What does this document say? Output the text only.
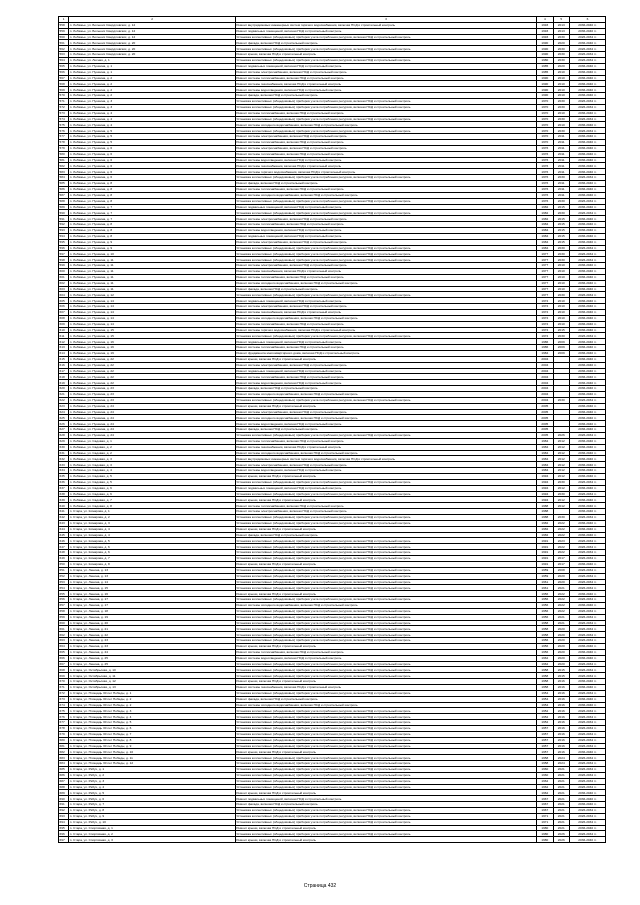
1	2	3	4	5	6
558	п. Лебяжье, ул. Больших Свердловских, д. 12	Ремонт внутридомовых инженерных систем горячего водоснабжения, включая ПСД и строительный контроль	1993	2013	2036-2040 гг.
559	п. Лебяжье, ул. Больших Свердловских, д. 12	Ремонт подвальных помещений, включая ПСД и строительный контроль	1993	2013	2036-2040 гг.
560	п. Лебяжье, ул. Больших Свердловских, д. 12	Установка коллективных (общедомовых) приборов учета потребления ресурсов, включая ПСД и строительный контроль	1993	2030	2026-2034 гг.
561	п. Лебяжье, ул. Больших Свердловских, д. 20	Ремонт фасада, включая ПСД и строительный контроль	1990	2020	2036-2040 гг.
562	п. Лебяжье, ул. Больших Свердловских, д. 20	Установка коллективных (общедомовых) приборов учета потребления ресурсов, включая ПСД и строительный контроль	1990	2030	2026-2034 гг.
563	п. Лебяжье, ул. Больших Свердловских, д. 20	Ремонт крыши, включая ПСД и строительный контроль	1990	2030	2026-2034 гг.
564	п. Лебяжье, ул. Лесная, д. 1	Установка коллективных (общедомовых) приборов учета потребления ресурсов, включая ПСД и строительный контроль	1980	2030	2026-2034 гг.
565	п. Лебяжье, ул. Пушкина, д. 1	Ремонт подвальных помещений, включая ПСД и строительный контроль	1985	2020	2036-2040 гг.
566	п. Лебяжье, ул. Пушкина, д. 1	Ремонт системы электроснабжения, включая ПСД и строительный контроль	1985	2010	2036-2040 гг.
567	п. Лебяжье, ул. Пушкина, д. 2	Ремонт системы теплоснабжения, включая ПСД и строительный контроль	1990	2010	2036-2040 гг.
568	п. Лебяжье, ул. Пушкина, д. 2	Ремонт системы газоснабжения, включая ПСД и строительный контроль	1990	2010	2036-2040 гг.
569	п. Лебяжье, ул. Пушкина, д. 2	Ремонт системы водоотведения, включая ПСД и строительный контроль	1990	2010	2036-2040 гг.
570	п. Лебяжье, ул. Пушкина, д. 2	Ремонт фасада, включая ПСД и строительный контроль	1990	2010	2036-2040 гг.
571	п. Лебяжье, ул. Пушкина, д. 3	Установка коллективных (общедомовых) приборов учета потребления ресурсов, включая ПСД и строительный контроль	1970	2030	2026-2034 гг.
572	п. Лебяжье, ул. Пушкина, д. 3	Установка коллективных (общедомовых) приборов учета потребления ресурсов, включая ПСД и строительный контроль	1970	2030	2026-2034 гг.
573	п. Лебяжье, ул. Пушкина, д. 4	Ремонт системы теплоснабжения, включая ПСД и строительный контроль	1970	2010	2036-2040 гг.
574	п. Лебяжье, ул. Пушкина, д. 4	Установка коллективных (общедомовых) приборов учета потребления ресурсов, включая ПСД и строительный контроль	1970	2030	2026-2034 гг.
575	п. Лебяжье, ул. Пушкина, д. 4	Ремонт системы холодного водоснабжения, включая ПСД и строительный контроль	1970	2010	2036-2040 гг.
576	п. Лебяжье, ул. Пушкина, д. 5	Установка коллективных (общедомовых) приборов учета потребления ресурсов, включая ПСД и строительный контроль	1970	2030	2026-2034 гг.
577	п. Лебяжье, ул. Пушкина, д. 5	Ремонт системы электроснабжения, включая ПСД и строительный контроль	1970	2011	2036-2040 гг.
578	п. Лебяжье, ул. Пушкина, д. 5	Ремонт системы теплоснабжения, включая ПСД и строительный контроль	1970	2011	2036-2040 гг.
579	п. Лебяжье, ул. Пушкина, д. 6	Ремонт системы электроснабжения, включая ПСД и строительный контроль	1976	2011	2036-2040 гг.
580	п. Лебяжье, ул. Пушкина, д. 6	Ремонт системы теплоснабжения, включая ПСД и строительный контроль	1976	2011	2036-2040 гг.
581	п. Лебяжье, ул. Пушкина, д. 6	Ремонт системы водоотведения, включая ПСД и строительный контроль	1976	2011	2036-2040 гг.
582	п. Лебяжье, ул. Пушкина, д. 6	Ремонт системы газоснабжения, включая ПСД и строительный контроль	1976	2011	2036-2040 гг.
583	п. Лебяжье, ул. Пушкина, д. 6	Ремонт системы горячего водоснабжения, включая ПСД и строительный контроль	1976	2011	2036-2040 гг.
584	п. Лебяжье, ул. Пушкина, д. 6	Установка коллективных (общедомовых) приборов учета потребления ресурсов, включая ПСД и строительный контроль	1976	2030	2026-2034 гг.
585	п. Лебяжье, ул. Пушкина, д. 8	Ремонт фасада, включая ПСД и строительный контроль	1976	2011	2036-2040 гг.
586	п. Лебяжье, ул. Пушкина, д. 8	Ремонт системы теплоснабжения, включая ПСД и строительный контроль	1976	2011	2036-2040 гг.
587	п. Лебяжье, ул. Пушкина, д. 8	Ремонт системы холодного водоснабжения, включая ПСД и строительный контроль	1976	2011	2036-2040 гг.
588	п. Лебяжье, ул. Пушкина, д. 8	Установка коллективных (общедомовых) приборов учета потребления ресурсов, включая ПСД и строительный контроль	1976	2030	2026-2034 гг.
589	п. Лебяжье, ул. Пушкина, д. 7	Ремонт подвальных помещений, включая ПСД и строительный контроль	1982	2015	2036-2040 гг.
590	п. Лебяжье, ул. Пушкина, д. 7	Установка коллективных (общедомовых) приборов учета потребления ресурсов, включая ПСД и строительный контроль	1982	2030	2026-2034 гг.
591	п. Лебяжье, ул. Пушкина, д. 7	Ремонт системы электроснабжения, включая ПСД и строительный контроль	1982	2015	2036-2040 гг.
592	п. Лебяжье, ул. Пушкина, д. 8	Ремонт системы теплоснабжения, включая ПСД и строительный контроль	1984	2015	2036-2040 гг.
593	п. Лебяжье, ул. Пушкина, д. 8	Ремонт системы водоотведения, включая ПСД и строительный контроль	1984	2015	2036-2040 гг.
594	п. Лебяжье, ул. Пушкина, д. 8	Ремонт подвальных помещений, включая ПСД и строительный контроль	1984	2015	2036-2040 гг.
595	п. Лебяжье, ул. Пушкина, д. 9	Ремонт системы электроснабжения, включая ПСД и строительный контроль	1984	2015	2036-2040 гг.
596	п. Лебяжье, ул. Пушкина, д. 9	Установка коллективных (общедомовых) приборов учета потребления ресурсов, включая ПСД и строительный контроль	1984	2030	2026-2034 гг.
597	п. Лебяжье, ул. Пушкина, д. 10	Установка коллективных (общедомовых) приборов учета потребления ресурсов, включая ПСД и строительный контроль	1977	2030	2026-2034 гг.
598	п. Лебяжье, ул. Пушкина, д. 11	Установка коллективных (общедомовых) приборов учета потребления ресурсов, включая ПСД и строительный контроль	1977	2030	2026-2034 гг.
599	п. Лебяжье, ул. Пушкина, д. 11	Ремонт системы электроснабжения, включая ПСД и строительный контроль	1977	2010	2036-2040 гг.
600	п. Лебяжье, ул. Пушкина, д. 11	Ремонт системы газоснабжения, включая ПСД и строительный контроль	1977	2010	2036-2040 гг.
601	п. Лебяжье, ул. Пушкина, д. 11	Ремонт системы теплоснабжения, включая ПСД и строительный контроль	1977	2010	2036-2040 гг.
602	п. Лебяжье, ул. Пушкина, д. 11	Ремонт системы холодного водоснабжения, включая ПСД и строительный контроль	1977	2010	2036-2040 гг.
603	п. Лебяжье, ул. Пушкина, д. 11	Ремонт фасада, включая ПСД и строительный контроль	1977	2010	2036-2040 гг.
604	п. Лебяжье, ул. Пушкина, д. 12	Установка коллективных (общедомовых) приборов учета потребления ресурсов, включая ПСД и строительный контроль	1977	2030	2026-2034 гг.
605	п. Лебяжье, ул. Пушкина, д. 14	Ремонт подвальных помещений, включая ПСД и строительный контроль	1972	2010	2036-2040 гг.
606	п. Лебяжье, ул. Пушкина, д. 14	Ремонт системы электроснабжения, включая ПСД и строительный контроль	1972	2010	2036-2040 гг.
607	п. Лебяжье, ул. Пушкина, д. 14	Ремонт системы газоснабжения, включая ПСД и строительный контроль	1972	2010	2036-2040 гг.
608	п. Лебяжье, ул. Пушкина, д. 14	Ремонт системы холодного водоснабжения, включая ПСД и строительный контроль	1972	2010	2036-2040 гг.
609	п. Лебяжье, ул. Пушкина, д. 14	Ремонт системы теплоснабжения, включая ПСД и строительный контроль	1972	2010	2036-2040 гг.
610	п. Лебяжье, ул. Пушкина, д. 15	Ремонт системы горячего водоснабжения, включая ПСД и строительный контроль	1972	2015	2036-2040 гг.
611	п. Лебяжье, ул. Пушкина, д. 15	Установка коллективных (общедомовых) приборов учета потребления ресурсов, включая ПСД и строительный контроль	1972	2030	2026-2034 гг.
612	п. Лебяжье, ул. Пушкина, д. 16	Ремонт подвальных помещений, включая ПСД и строительный контроль	1986	2009	2036-2040 гг.
613	п. Лебяжье, ул. Пушкина, д. 16	Ремонт системы теплоснабжения, включая ПСД и строительный контроль	1986	2009	2036-2040 гг.
614	п. Лебяжье, ул. Пушкина, д. 19	Ремонт фундамента многоквартирного дома, включая ПСД и строительный контроль	1984	2009	2036-2040 гг.
615	п. Лебяжье, ул. Пушкина, д. 22	Ремонт крыши, включая ПСД и строительный контроль	2004		2036-2040 гг.
616	п. Лебяжье, ул. Пушкина, д. 22	Ремонт системы электроснабжения, включая ПСД и строительный контроль	2004		2036-2040 гг.
617	п. Лебяжье, ул. Пушкина, д. 22	Ремонт подвальных помещений, включая ПСД и строительный контроль	2004		2036-2040 гг.
618	п. Лебяжье, ул. Пушкина, д. 22	Ремонт системы теплоснабжения, включая ПСД и строительный контроль	2004		2036-2040 гг.
619	п. Лебяжье, ул. Пушкина, д. 22	Ремонт системы водоотведения, включая ПСД и строительный контроль	2004		2036-2040 гг.
620	п. Лебяжье, ул. Пушкина, д. 23	Ремонт фасада, включая ПСД и строительный контроль	2004		2036-2040 гг.
621	п. Лебяжье, ул. Пушкина, д. 23	Ремонт системы холодного водоснабжения, включая ПСД и строительный контроль	2004		2036-2040 гг.
622	п. Лебяжье, ул. Пушкина, д. 23	Установка коллективных (общедомовых) приборов учета потребления ресурсов, включая ПСД и строительный контроль	2004	2030	2026-2034 гг.
623	п. Лебяжье, ул. Пушкина, д. 24	Ремонт крыши, включая ПСД и строительный контроль	2005		2036-2040 гг.
624	п. Лебяжье, ул. Пушкина, д. 24	Ремонт системы электроснабжения, включая ПСД и строительный контроль	2005		2036-2040 гг.
625	п. Лебяжье, ул. Пушкина, д. 24	Ремонт системы холодного водоснабжения, включая ПСД и строительный контроль	2005		2036-2040 гг.
626	п. Лебяжье, ул. Пушкина, д. 24	Ремонт системы водоотведения, включая ПСД и строительный контроль	2005		2036-2040 гг.
627	п. Лебяжье, ул. Пушкина, д. 24	Ремонт фасада, включая ПСД и строительный контроль	2005		2036-2040 гг.
628	п. Лебяжье, ул. Пушкина, д. 24	Установка коллективных (общедомовых) приборов учета потребления ресурсов, включая ПСД и строительный контроль	2005	2026	2026-2034 гг.
629	п. Лебяжье, ул. Садовая, д. 1	Ремонт системы теплоснабжения, включая ПСД и строительный контроль	1984	2012	2036-2040 гг.
630	п. Лебяжье, ул. Садовая, д. 2	Ремонт системы газоснабжения, включая ПСД и строительный контроль	1984	2012	2036-2040 гг.
631	п. Лебяжье, ул. Садовая, д. 2	Ремонт системы холодного водоснабжения, включая ПСД и строительный контроль	1984	2012	2036-2040 гг.
632	п. Лебяжье, ул. Садовая, д. 3	Ремонт внутридомовых инженерных систем горячего водоснабжения, включая ПСД и строительный контроль	1984	2012	2036-2040 гг.
633	п. Лебяжье, ул. Садовая, д. 3	Ремонт системы электроснабжения, включая ПСД и строительный контроль	1984	2012	2036-2040 гг.
634	п. Лебяжье, ул. Садовая, д. 4	Ремонт системы водоотведения, включая ПСД и строительный контроль	1984	2012	2036-2040 гг.
635	п. Лебяжье, ул. Садовая, д. 5	Ремонт крыши, включая ПСД и строительный контроль	1994	2012	2036-2040 гг.
636	п. Лебяжье, ул. Садовая, д. 5	Установка коллективных (общедомовых) приборов учета потребления ресурсов, включая ПСД и строительный контроль	1994	2030	2026-2034 гг.
637	п. Лебяжье, ул. Садовая, д. 6	Ремонт подвальных помещений, включая ПСД и строительный контроль	1994	2012	2036-2040 гг.
638	п. Лебяжье, ул. Садовая, д. 6	Установка коллективных (общедомовых) приборов учета потребления ресурсов, включая ПСД и строительный контроль	1994	2030	2026-2034 гг.
639	п. Лебяжье, ул. Садовая, д. 7	Ремонт крыши, включая ПСД и строительный контроль	1994	2012	2036-2040 гг.
640	п. Лебяжье, ул. Садовая, д. 8	Ремонт системы теплоснабжения, включая ПСД и строительный контроль	1988	2012	2036-2040 гг.
641	п. Стара, ул. Комарова, д. 1	Ремонт системы электроснабжения, включая ПСД и строительный контроль	1988		2036-2040 гг.
642	п. Стара, ул. Комарова, д. 2	Установка коллективных (общедомовых) приборов учета потребления ресурсов, включая ПСД и строительный контроль	1988	2030	2026-2034 гг.
643	п. Стара, ул. Комарова, д. 3	Установка коллективных (общедомовых) приборов учета потребления ресурсов, включая ПСД и строительный контроль	1982	2022	2036-2040 гг.
644	п. Стара, ул. Комарова, д. 4	Ремонт крыши, включая ПСД и строительный контроль	1982	2022	2036-2040 гг.
645	п. Стара, ул. Комарова, д. 4	Ремонт фасада, включая ПСД и строительный контроль	1982	2022	2036-2040 гг.
646	п. Стара, ул. Комарова, д. 5	Установка коллективных (общедомовых) приборов учета потребления ресурсов, включая ПСД и строительный контроль	1991	2023	2026-2034 гг.
647	п. Стара, ул. Комарова, д. 6	Установка коллективных (общедомовых) приборов учета потребления ресурсов, включая ПСД и строительный контроль	1991	2022	2026-2034 гг.
648	п. Стара, ул. Комарова, д. 6	Установка коллективных (общедомовых) приборов учета потребления ресурсов, включая ПСД и строительный контроль	1991	2022	2026-2034 гг.
649	п. Стара, ул. Комарова, д. 7	Установка коллективных (общедомовых) приборов учета потребления ресурсов, включая ПСД и строительный контроль	1991	2017	2026-2034 гг.
650	п. Стара, ул. Комарова, д. 8	Ремонт крыши, включая ПСД и строительный контроль	1991	2017	2036-2040 гг.
651	п. Стара, ул. Ленина, д. 13	Установка коллективных (общедомовых) приборов учета потребления ресурсов, включая ПСД и строительный контроль	1959	2008	2026-2034 гг.
652	п. Стара, ул. Ленина, д. 13	Установка коллективных (общедомовых) приборов учета потребления ресурсов, включая ПСД и строительный контроль	1959	2020	2026-2034 гг.
653	п. Стара, ул. Ленина, д. 14	Установка коллективных (общедомовых) приборов учета потребления ресурсов, включая ПСД и строительный контроль	1961	2020	2026-2034 гг.
654	п. Стара, ул. Ленина, д. 15	Установка коллективных (общедомовых) приборов учета потребления ресурсов, включая ПСД и строительный контроль	1961	2021	2026-2034 гг.
655	п. Стара, ул. Ленина, д. 16	Ремонт крыши, включая ПСД и строительный контроль	1956	2022	2036-2040 гг.
656	п. Стара, ул. Ленина, д. 17	Установка коллективных (общедомовых) приборов учета потребления ресурсов, включая ПСД и строительный контроль	1956	2022	2026-2034 гг.
657	п. Стара, ул. Ленина, д. 17	Ремонт системы холодного водоснабжения, включая ПСД и строительный контроль	1956	2022	2036-2040 гг.
658	п. Стара, ул. Ленина, д. 18	Установка коллективных (общедомовых) приборов учета потребления ресурсов, включая ПСД и строительный контроль	1956	2022	2026-2034 гг.
659	п. Стара, ул. Ленина, д. 19	Установка коллективных (общедомовых) приборов учета потребления ресурсов, включая ПСД и строительный контроль	1956	2021	2026-2034 гг.
660	п. Стара, ул. Ленина, д. 20	Установка коллективных (общедомовых) приборов учета потребления ресурсов, включая ПСД и строительный контроль	1958	2021	2026-2034 гг.
661	п. Стара, ул. Ленина, д. 21	Установка коллективных (общедомовых) приборов учета потребления ресурсов, включая ПСД и строительный контроль	1958	2020	2026-2034 гг.
662	п. Стара, ул. Ленина, д. 22	Установка коллективных (общедомовых) приборов учета потребления ресурсов, включая ПСД и строительный контроль	1958	2020	2026-2034 гг.
663	п. Стара, ул. Ленина, д. 23	Установка коллективных (общедомовых) приборов учета потребления ресурсов, включая ПСД и строительный контроль	1956	2020	2026-2034 гг.
664	п. Стара, ул. Ленина, д. 23	Ремонт крыши, включая ПСД и строительный контроль	1956	2020	2036-2040 гг.
665	п. Стара, ул. Ленина, д. 24	Ремонт системы теплоснабжения, включая ПСД и строительный контроль	1956	2020	2036-2040 гг.
666	п. Стара, ул. Ленина, д. 25	Ремонт системы водоотведения, включая ПСД и строительный контроль	1962	2020	2036-2040 гг.
667	п. Стара, ул. Ленина, д. 25	Установка коллективных (общедомовых) приборов учета потребления ресурсов, включая ПСД и строительный контроль	1962	2020	2026-2034 гг.
668	п. Стара, ул. Октябрьская, д. 10	Установка коллективных (общедомовых) приборов учета потребления ресурсов, включая ПСД и строительный контроль	1958	2015	2026-2034 гг.
669	п. Стара, ул. Октябрьская, д. 11	Установка коллективных (общедомовых) приборов учета потребления ресурсов, включая ПСД и строительный контроль	1958	2015	2026-2034 гг.
670	п. Стара, ул. Октябрьская, д. 12	Ремонт крыши, включая ПСД и строительный контроль	1958	2016	2036-2040 гг.
671	п. Стара, ул. Октябрьская, д. 13	Ремонт системы газоснабжения, включая ПСД и строительный контроль	1958	2016	2036-2040 гг.
672	п. Стара, ул. Площадь 30 лет Победы, д. 1	Установка коллективных (общедомовых) приборов учета потребления ресурсов, включая ПСД и строительный контроль	1954	2016	2026-2034 гг.
673	п. Стара, ул. Площадь 30 лет Победы, д. 2	Ремонт фасада, включая ПСД и строительный контроль	1954	2016	2036-2040 гг.
674	п. Стара, ул. Площадь 30 лет Победы, д. 2	Ремонт системы холодного водоснабжения, включая ПСД и строительный контроль	1954	2016	2036-2040 гг.
675	п. Стара, ул. Площадь 30 лет Победы, д. 3	Установка коллективных (общедомовых) приборов учета потребления ресурсов, включая ПСД и строительный контроль	1952	2016	2026-2034 гг.
676	п. Стара, ул. Площадь 30 лет Победы, д. 4	Установка коллективных (общедомовых) приборов учета потребления ресурсов, включая ПСД и строительный контроль	1952	2016	2026-2034 гг.
677	п. Стара, ул. Площадь 30 лет Победы, д. 5	Установка коллективных (общедомовых) приборов учета потребления ресурсов, включая ПСД и строительный контроль	1952	2016	2026-2034 гг.
678	п. Стара, ул. Площадь 30 лет Победы, д. 6	Установка коллективных (общедомовых) приборов учета потребления ресурсов, включая ПСД и строительный контроль	1957	2016	2026-2034 гг.
679	п. Стара, ул. Площадь 30 лет Победы, д. 7	Установка коллективных (общедомовых) приборов учета потребления ресурсов, включая ПСД и строительный контроль	1957	2016	2026-2034 гг.
680	п. Стара, ул. Площадь 30 лет Победы, д. 8	Установка коллективных (общедомовых) приборов учета потребления ресурсов, включая ПСД и строительный контроль	1957	2016	2026-2034 гг.
681	п. Стара, ул. Площадь 30 лет Победы, д. 9	Установка коллективных (общедомовых) приборов учета потребления ресурсов, включая ПСД и строительный контроль	1957	2016	2026-2034 гг.
682	п. Стара, ул. Площадь 30 лет Победы, д. 10	Ремонт крыши, включая ПСД и строительный контроль	1957	2016	2036-2040 гг.
683	п. Стара, ул. Площадь 30 лет Победы, д. 11	Установка коллективных (общедомовых) приборов учета потребления ресурсов, включая ПСД и строительный контроль	1958	2024	2026-2034 гг.
684	п. Стара, ул. Площадь 30 лет Победы, д. 12	Установка коллективных (общедомовых) приборов учета потребления ресурсов, включая ПСД и строительный контроль	1958	2024	2026-2034 гг.
685	п. Стара, ул. Рябух, д. 1	Установка коллективных (общедомовых) приборов учета потребления ресурсов, включая ПСД и строительный контроль	1960	2021	2026-2034 гг.
686	п. Стара, ул. Рябух, д. 2	Установка коллективных (общедомовых) приборов учета потребления ресурсов, включая ПСД и строительный контроль	1960	2021	2026-2034 гг.
687	п. Стара, ул. Рябух, д. 3	Установка коллективных (общедомовых) приборов учета потребления ресурсов, включая ПСД и строительный контроль	1962	2021	2026-2034 гг.
688	п. Стара, ул. Рябух, д. 4	Установка коллективных (общедомовых) приборов учета потребления ресурсов, включая ПСД и строительный контроль	1962	2021	2026-2034 гг.
689	п. Стара, ул. Рябух, д. 5	Ремонт крыши, включая ПСД и строительный контроль	1962	2021	2036-2040 гг.
690	п. Стара, ул. Рябух, д. 6	Ремонт подвальных помещений, включая ПСД и строительный контроль	1967	2021	2036-2040 гг.
691	п. Стара, ул. Рябух, д. 7	Ремонт фасада, включая ПСД и строительный контроль	1967	2021	2036-2040 гг.
692	п. Стара, ул. Рябух, д. 8	Установка коллективных (общедомовых) приборов учета потребления ресурсов, включая ПСД и строительный контроль	1967	2021	2026-2034 гг.
693	п. Стара, ул. Рябух, д. 9	Установка коллективных (общедомовых) приборов учета потребления ресурсов, включая ПСД и строительный контроль	1971	2021	2026-2034 гг.
694	п. Стара, ул. Рябух, д. 10	Установка коллективных (общедомовых) приборов учета потребления ресурсов, включая ПСД и строительный контроль	1971	2021	2026-2034 гг.
695	п. Стара, ул. Спортивная, д. 1	Ремонт крыши, включая ПСД и строительный контроль	1980	2021	2036-2040 гг.
696	п. Стара, ул. Спортивная, д. 2	Установка коллективных (общедомовых) приборов учета потребления ресурсов, включая ПСД и строительный контроль	1980	2026	2026-2034 гг.
697	п. Стара, ул. Спортивная, д. 3	Ремонт крыши, включая ПСД и строительный контроль	1980	2026	2036-2040 гг.
Страница 432
